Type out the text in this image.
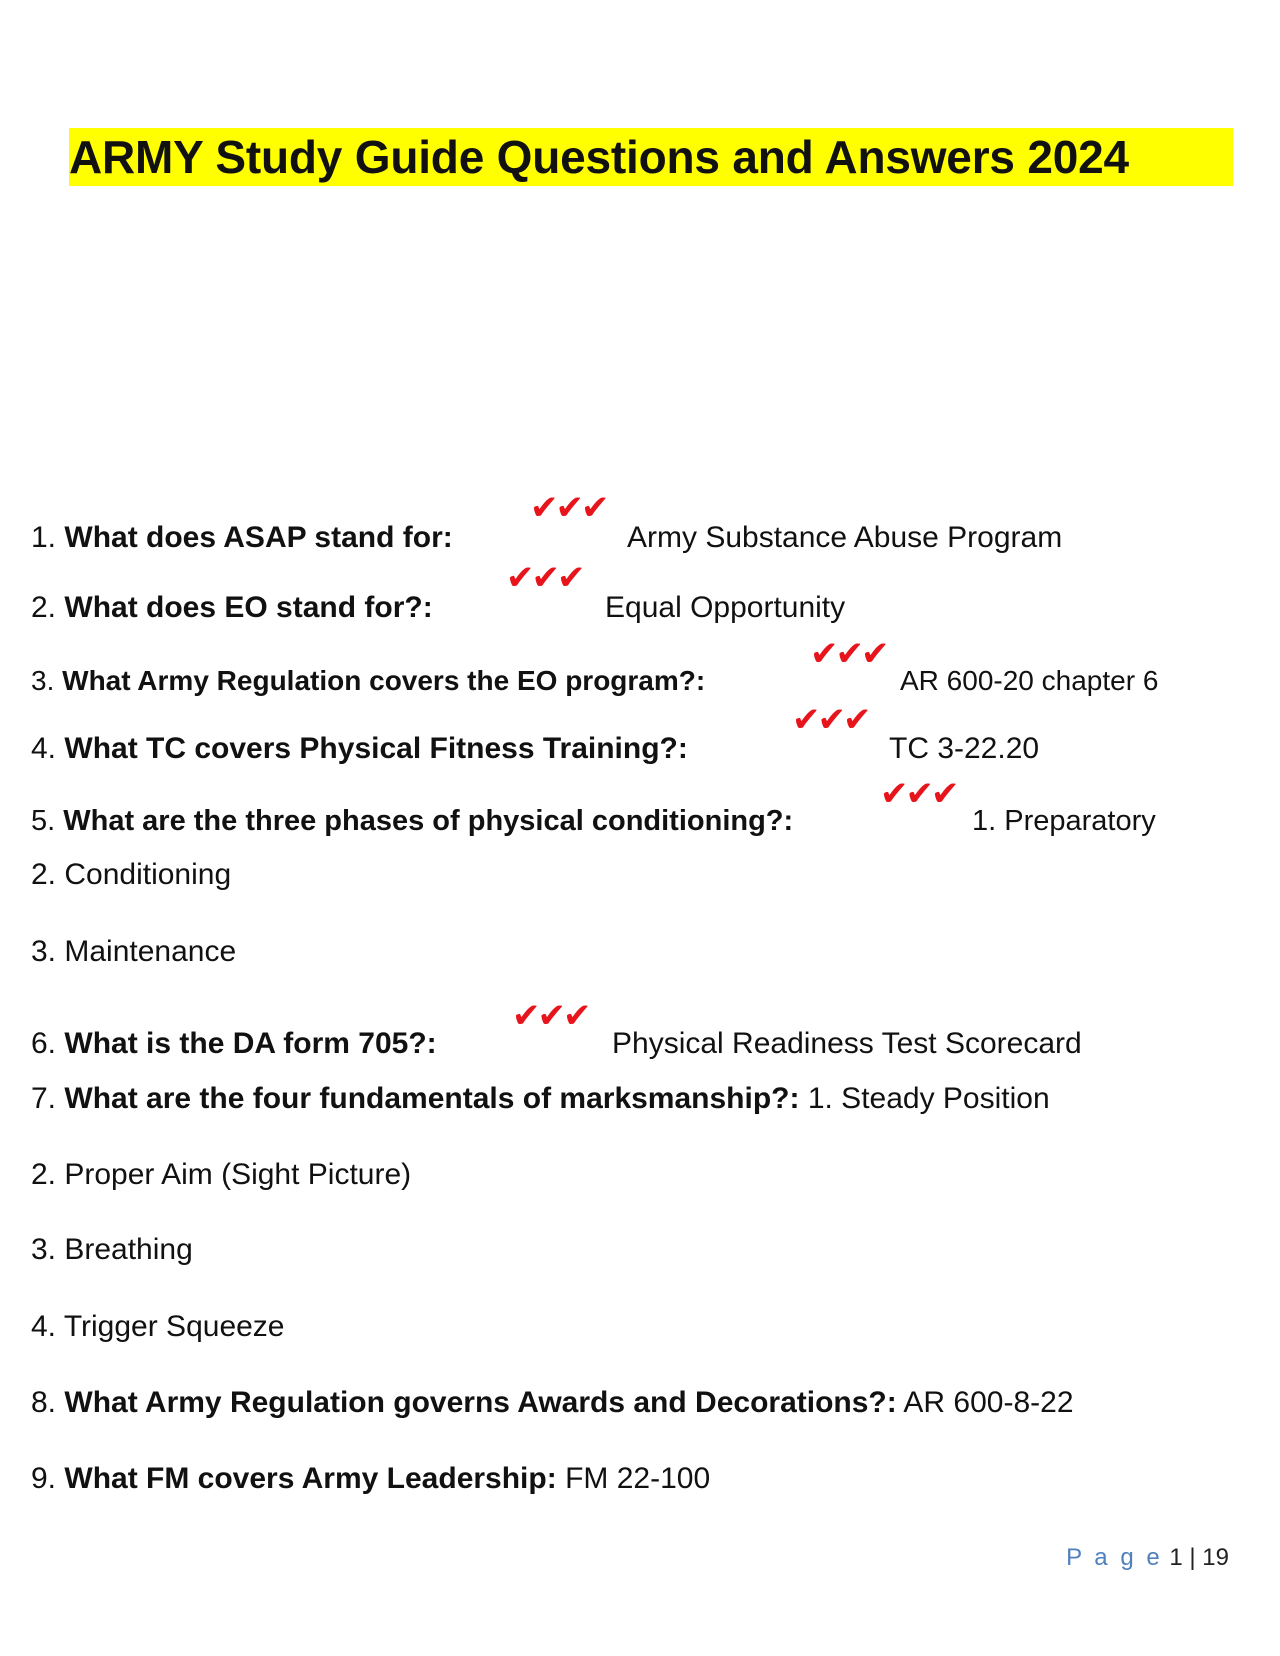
ARMY Study Guide Questions and Answers 2024
1. What does ASAP stand for:
✔✔✔
Army Substance Abuse Program
2. What does EO stand for?:
✔✔✔
Equal Opportunity
3. What Army Regulation covers the EO program?:
✔✔✔
AR 600-20 chapter 6
4. What TC covers Physical Fitness Training?:
✔✔✔
TC 3-22.20
5. What are the three phases of physical conditioning?:
✔✔✔
1. Preparatory
2. Conditioning
3. Maintenance
6. What is the DA form 705?:
✔✔✔
Physical Readiness Test Scorecard
7. What are the four fundamentals of marksmanship?: 1. Steady Position
2. Proper Aim (Sight Picture)
3. Breathing
4. Trigger Squeeze
8. What Army Regulation governs Awards and Decorations?: AR 600-8-22
9. What FM covers Army Leadership: FM 22-100
P a g e 1 | 19
